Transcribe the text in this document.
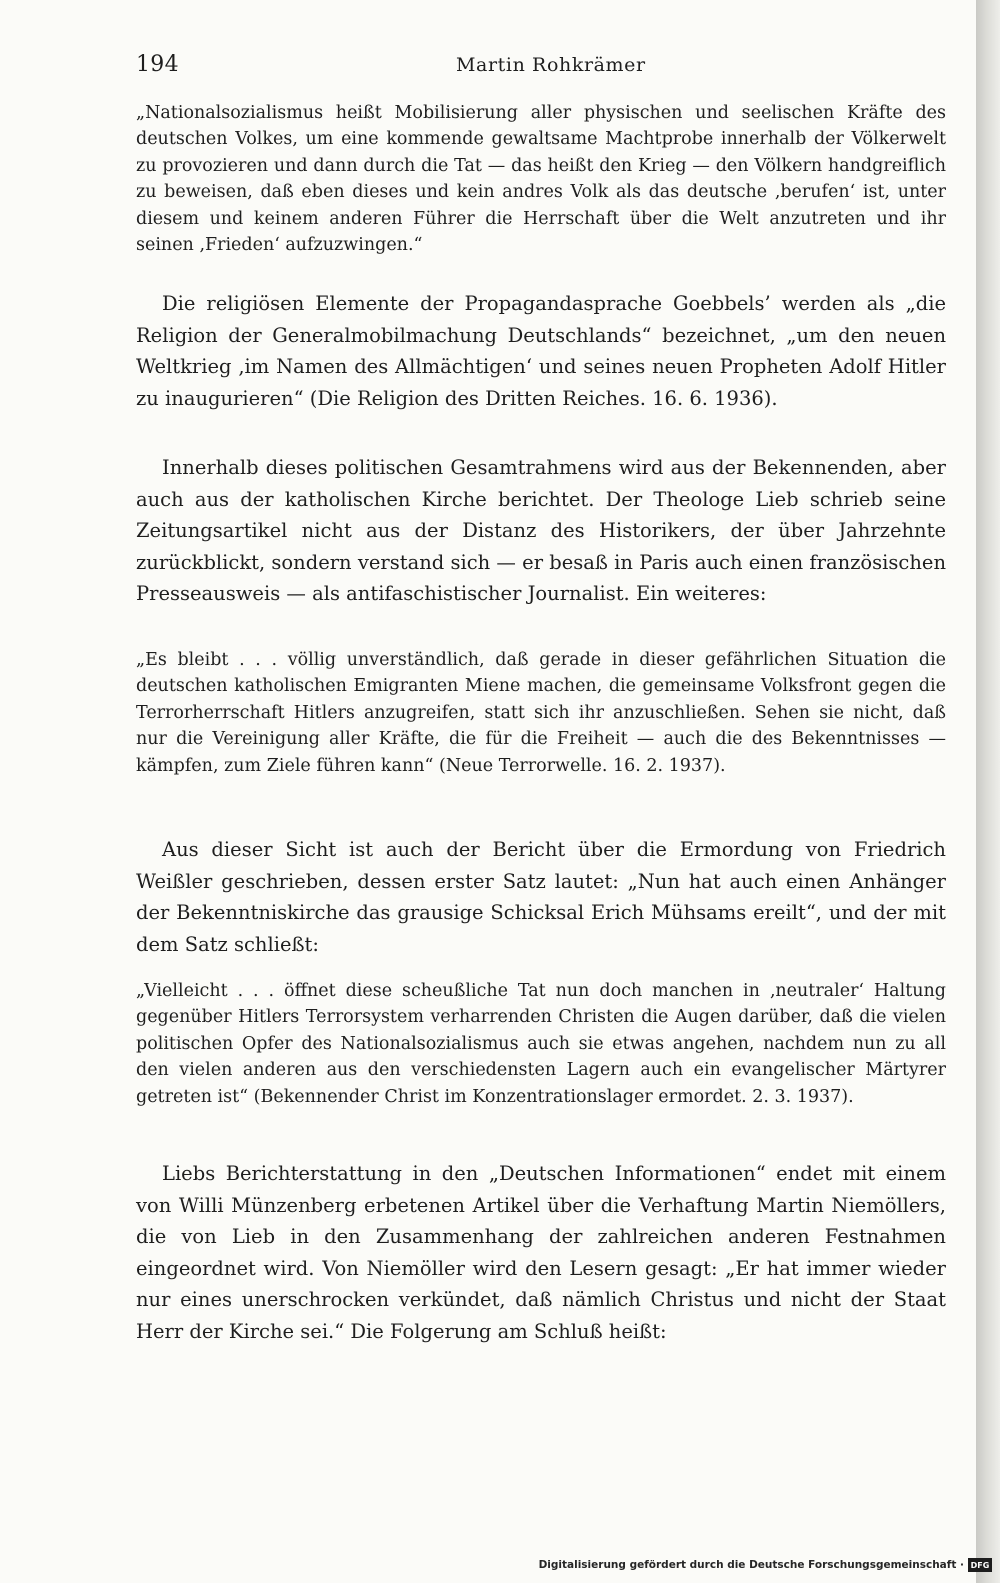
194	Martin Rohkrämer

„Nationalsozialismus heißt Mobilisierung aller physischen und seelischen Kräfte des deutschen Volkes, um eine kommende gewaltsame Machtprobe innerhalb der Völkerwelt zu provozieren und dann durch die Tat — das heißt den Krieg — den Völkern handgreiflich zu beweisen, daß eben dieses und kein andres Volk als das deutsche ‚berufen‘ ist, unter diesem und keinem anderen Führer die Herrschaft über die Welt anzutreten und ihr seinen ‚Frieden‘ aufzuzwingen.“

Die religiösen Elemente der Propagandasprache Goebbels’ werden als „die Religion der Generalmobilmachung Deutschlands“ bezeichnet, „um den neuen Weltkrieg ‚im Namen des Allmächtigen‘ und seines neuen Propheten Adolf Hitler zu inaugurieren“ (Die Religion des Dritten Reiches. 16. 6. 1936).

Innerhalb dieses politischen Gesamtrahmens wird aus der Bekennenden, aber auch aus der katholischen Kirche berichtet. Der Theologe Lieb schrieb seine Zeitungsartikel nicht aus der Distanz des Historikers, der über Jahrzehnte zurückblickt, sondern verstand sich — er besaß in Paris auch einen französischen Presseausweis — als antifaschistischer Journalist. Ein weiteres:

„Es bleibt . . . völlig unverständlich, daß gerade in dieser gefährlichen Situation die deutschen katholischen Emigranten Miene machen, die gemeinsame Volksfront gegen die Terrorherrschaft Hitlers anzugreifen, statt sich ihr anzuschließen. Sehen sie nicht, daß nur die Vereinigung aller Kräfte, die für die Freiheit — auch die des Bekenntnisses — kämpfen, zum Ziele führen kann“ (Neue Terrorwelle. 16. 2. 1937).

Aus dieser Sicht ist auch der Bericht über die Ermordung von Friedrich Weißler geschrieben, dessen erster Satz lautet: „Nun hat auch einen Anhänger der Bekenntniskirche das grausige Schicksal Erich Mühsams ereilt“, und der mit dem Satz schließt:

„Vielleicht . . . öffnet diese scheußliche Tat nun doch manchen in ‚neutraler‘ Haltung gegenüber Hitlers Terrorsystem verharrenden Christen die Augen darüber, daß die vielen politischen Opfer des Nationalsozialismus auch sie etwas angehen, nachdem nun zu all den vielen anderen aus den verschiedensten Lagern auch ein evangelischer Märtyrer getreten ist“ (Bekennender Christ im Konzentrationslager ermordet. 2. 3. 1937).

Liebs Berichterstattung in den „Deutschen Informationen“ endet mit einem von Willi Münzenberg erbetenen Artikel über die Verhaftung Martin Niemöllers, die von Lieb in den Zusammenhang der zahlreichen anderen Festnahmen eingeordnet wird. Von Niemöller wird den Lesern gesagt: „Er hat immer wieder nur eines unerschrocken verkündet, daß nämlich Christus und nicht der Staat Herr der Kirche sei.“ Die Folgerung am Schluß heißt:

Digitalisierung gefördert durch die Deutsche Forschungsgemeinschaft · DFG
